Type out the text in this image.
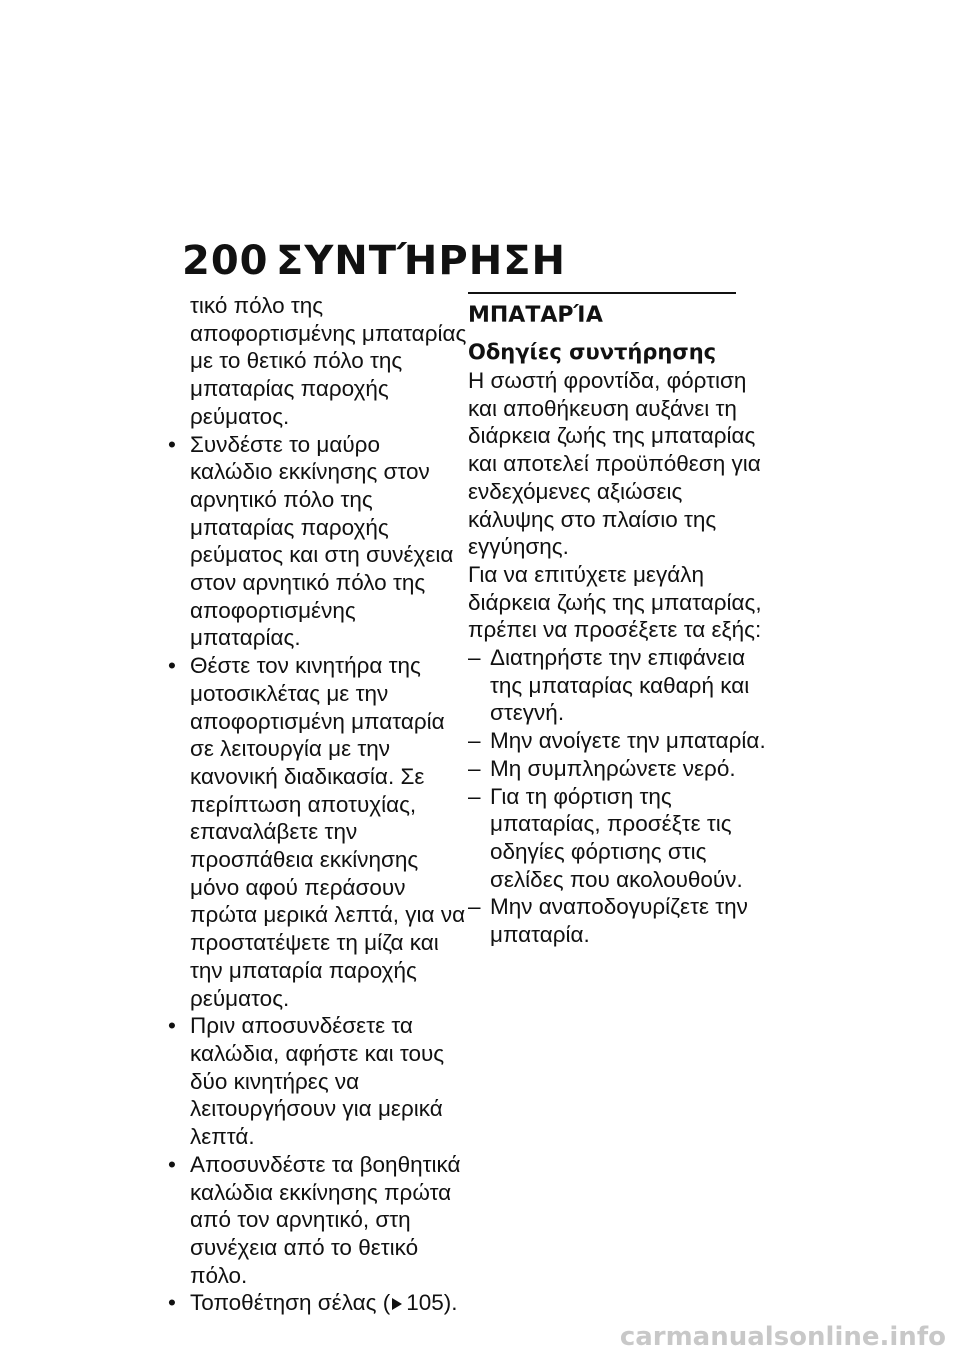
200 ΣΥΝΤΉΡΗΣΗ

τικό πόλο της αποφορτισμένης μπαταρίας με το θετικό πόλο της μπαταρίας παροχής ρεύματος.

• Συνδέστε το μαύρο καλώδιο εκκίνησης στον αρνητικό πόλο της μπαταρίας παροχής ρεύματος και στη συνέχεια στον αρνητικό πόλο της αποφορτισμένης μπαταρίας.
• Θέστε τον κινητήρα της μοτοσικλέτας με την αποφορτισμένη μπαταρία σε λειτουργία με την κανονική διαδικασία. Σε περίπτωση αποτυχίας, επαναλάβετε την προσπάθεια εκκίνησης μόνο αφού περάσουν πρώτα μερικά λεπτά, για να προστατέψετε τη μίζα και την μπαταρία παροχής ρεύματος.
• Πριν αποσυνδέσετε τα καλώδια, αφήστε και τους δύο κινητήρες να λειτουργήσουν για μερικά λεπτά.
• Αποσυνδέστε τα βοηθητικά καλώδια εκκίνησης πρώτα από τον αρνητικό, στη συνέχεια από το θετικό πόλο.
• Τοποθέτηση σέλας ( 105).
ΜΠΑΤΑΡΊΑ
Οδηγίες συντήρησης

Η σωστή φροντίδα, φόρτιση και αποθήκευση αυξάνει τη διάρκεια ζωής της μπαταρίας και αποτελεί προϋπόθεση για ενδεχόμενες αξιώσεις κάλυψης στο πλαίσιο της εγγύησης.

Για να επιτύχετε μεγάλη διάρκεια ζωής της μπαταρίας, πρέπει να προσέξετε τα εξής:

– Διατηρήστε την επιφάνεια της μπαταρίας καθαρή και στεγνή.
– Μην ανοίγετε την μπαταρία.
– Μη συμπληρώνετε νερό.
– Για τη φόρτιση της μπαταρίας, προσέξτε τις οδηγίες φόρτισης στις σελίδες που ακολουθούν.
– Μην αναποδογυρίζετε την μπαταρία.
carmanualsonline.info
